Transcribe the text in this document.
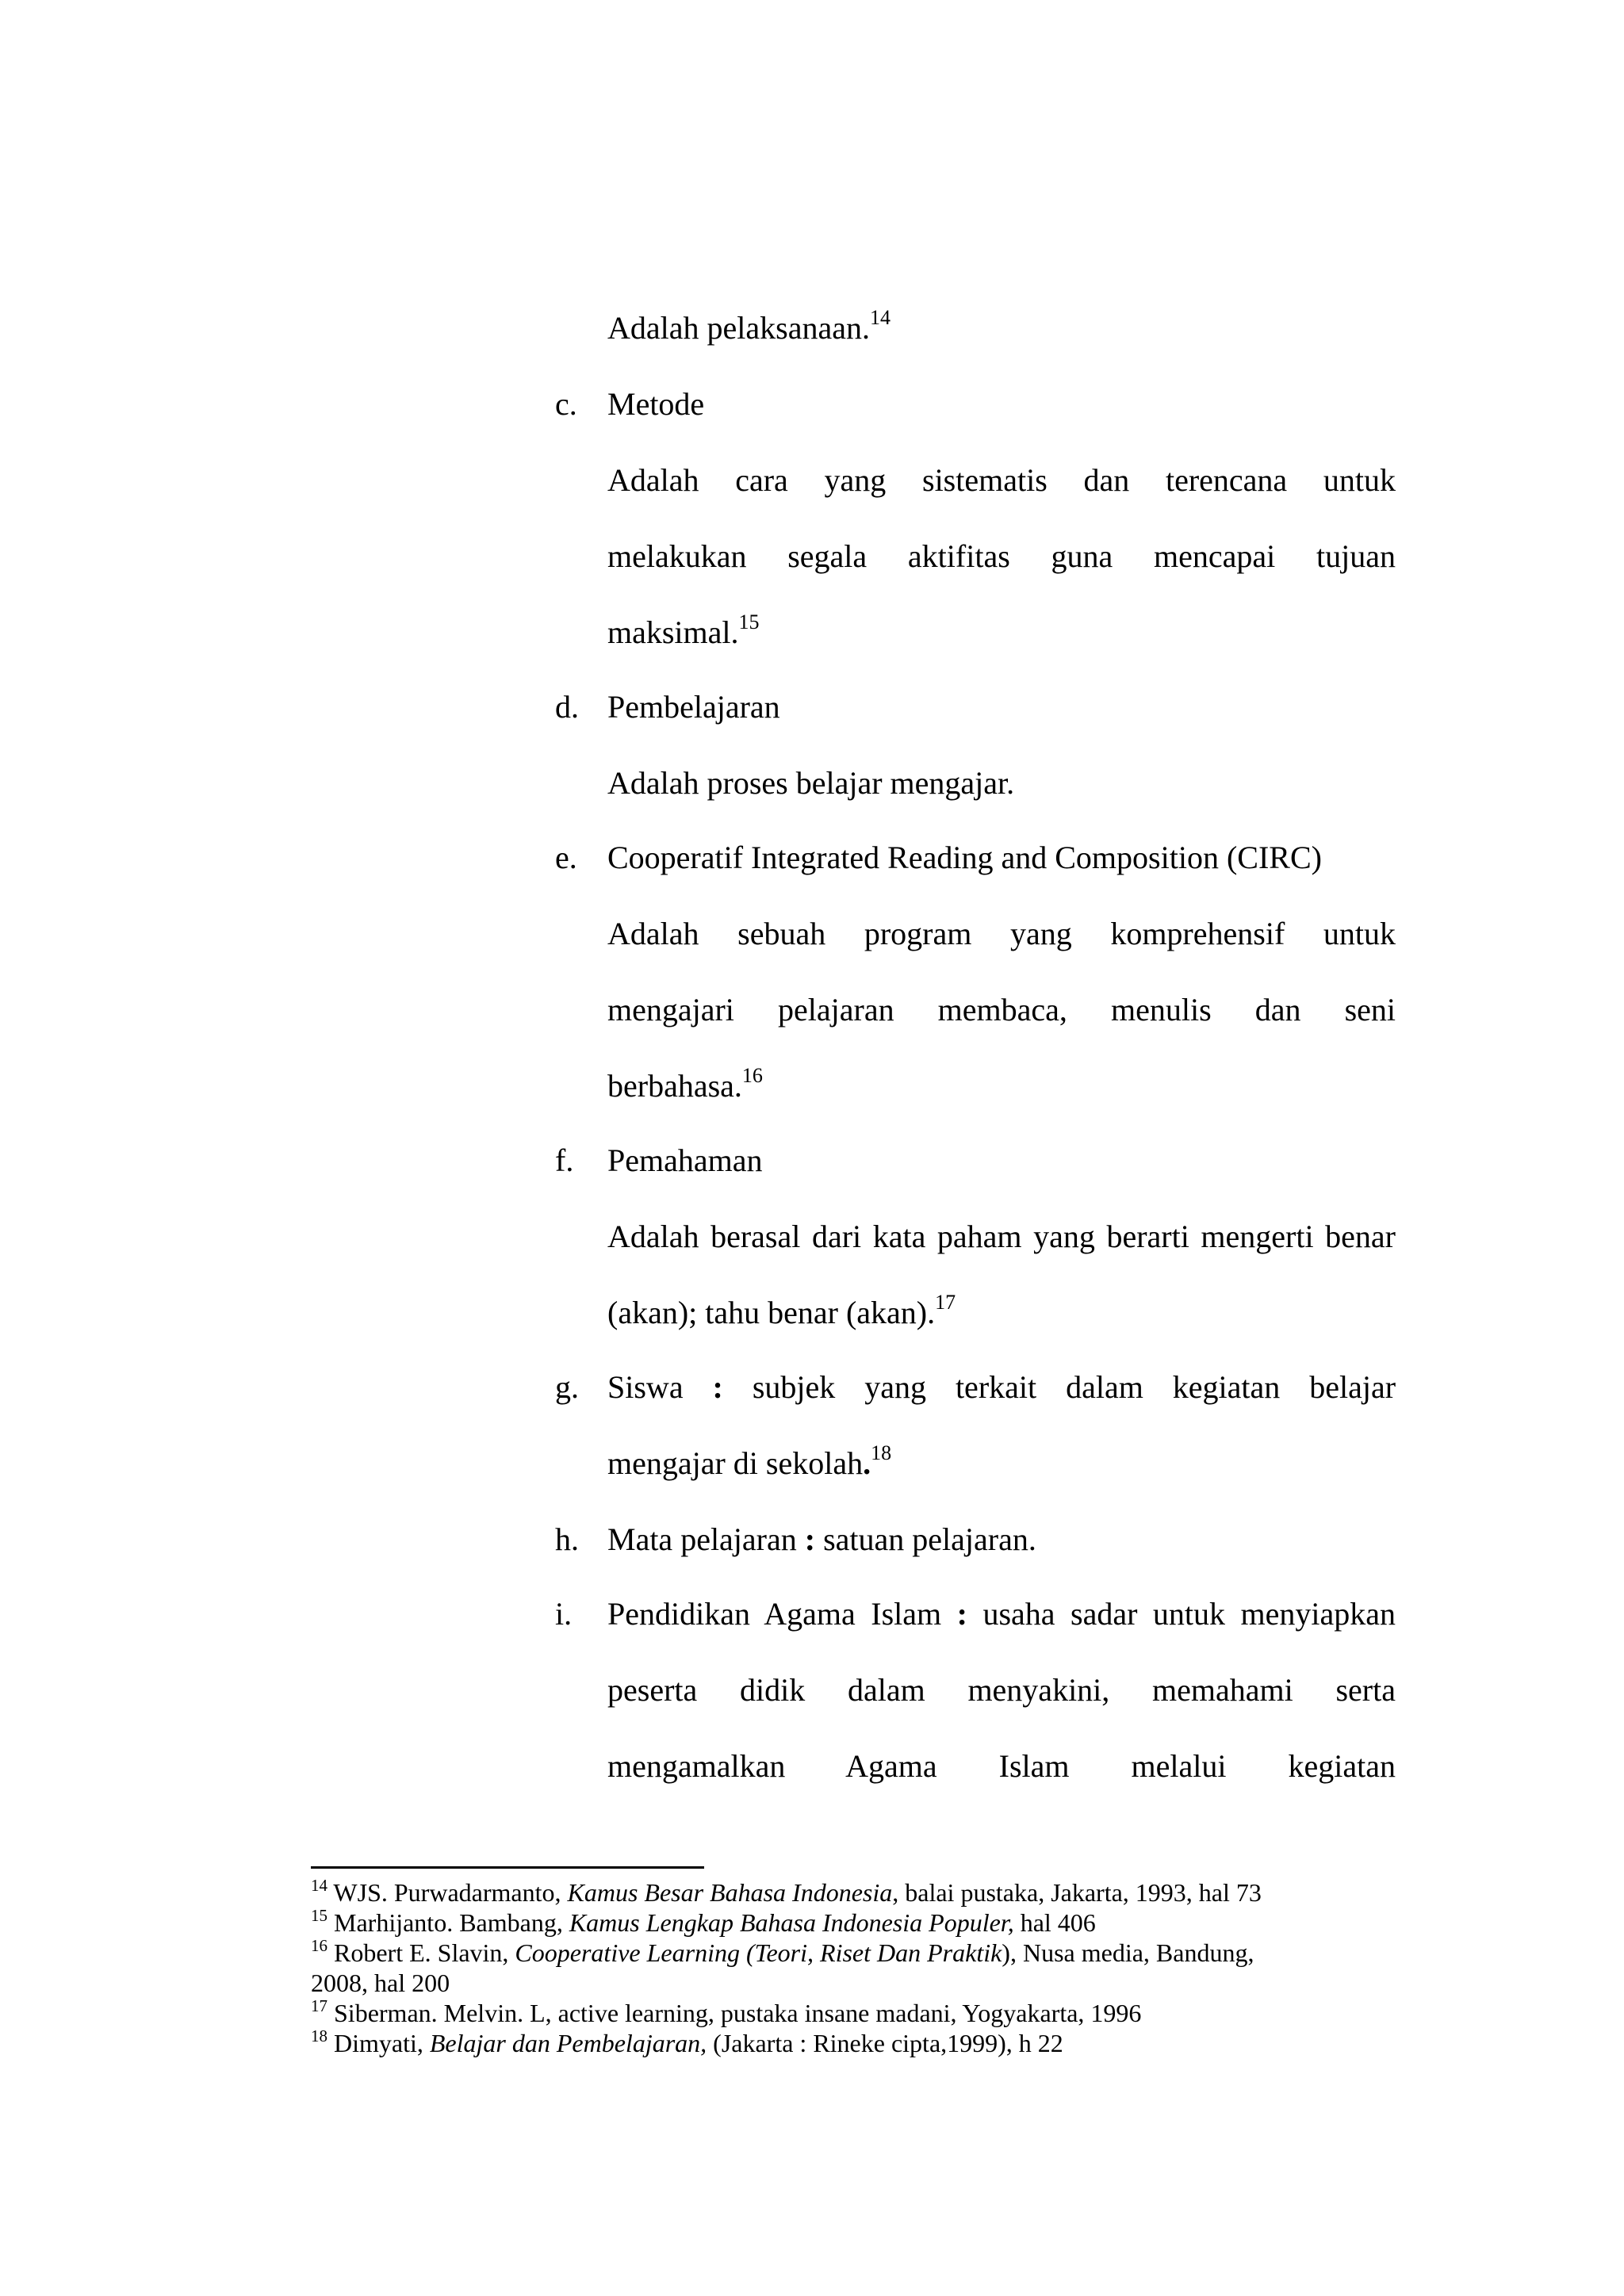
Adalah pelaksanaan.$^{14}$
c. Metode
Adalah cara yang sistematis dan terencana untuk
melakukan segala aktifitas guna mencapai tujuan
maksimal.$^{15}$
d. Pembelajaran
Adalah proses belajar mengajar.
e. Cooperatif Integrated Reading and Composition (CIRC)
Adalah sebuah program yang komprehensif untuk
mengajari pelajaran membaca, menulis dan seni
berbahasa.$^{16}$
f. Pemahaman
Adalah berasal dari kata paham yang berarti mengerti benar
(akan); tahu benar (akan).$^{17}$
g. Siswa : subjek yang terkait dalam kegiatan belajar
mengajar di sekolah.$^{18}$
h. Mata pelajaran : satuan pelajaran.
i. Pendidikan Agama Islam : usaha sadar untuk menyiapkan
peserta didik dalam menyakini, memahami serta
mengamalkan Agama Islam melalui kegiatan
$^{14}$ WJS. Purwadarmanto, Kamus Besar Bahasa Indonesia, balai pustaka, Jakarta, 1993, hal 73
$^{15}$ Marhijanto. Bambang, Kamus Lengkap Bahasa Indonesia Populer, hal 406
$^{16}$ Robert E. Slavin, Cooperative Learning (Teori, Riset Dan Praktik), Nusa media, Bandung,
2008, hal 200
$^{17}$ Siberman. Melvin. L, active learning, pustaka insane madani, Yogyakarta, 1996
$^{18}$ Dimyati, Belajar dan Pembelajaran, (Jakarta : Rineke cipta,1999), h 22
